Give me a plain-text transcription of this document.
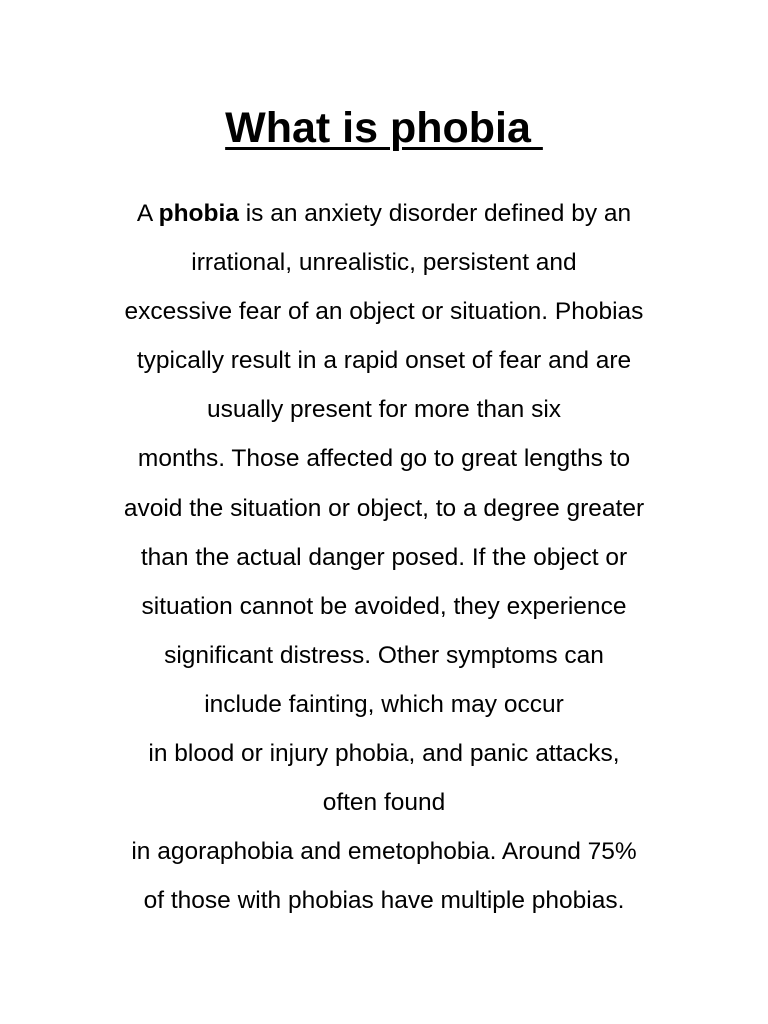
What is phobia
A phobia is an anxiety disorder defined by an
irrational, unrealistic, persistent and
excessive fear of an object or situation. Phobias
typically result in a rapid onset of fear and are
usually present for more than six
months. Those affected go to great lengths to
avoid the situation or object, to a degree greater
than the actual danger posed. If the object or
situation cannot be avoided, they experience
significant distress. Other symptoms can
include fainting, which may occur
in blood or injury phobia, and panic attacks,
often found
in agoraphobia and emetophobia. Around 75%
of those with phobias have multiple phobias.
